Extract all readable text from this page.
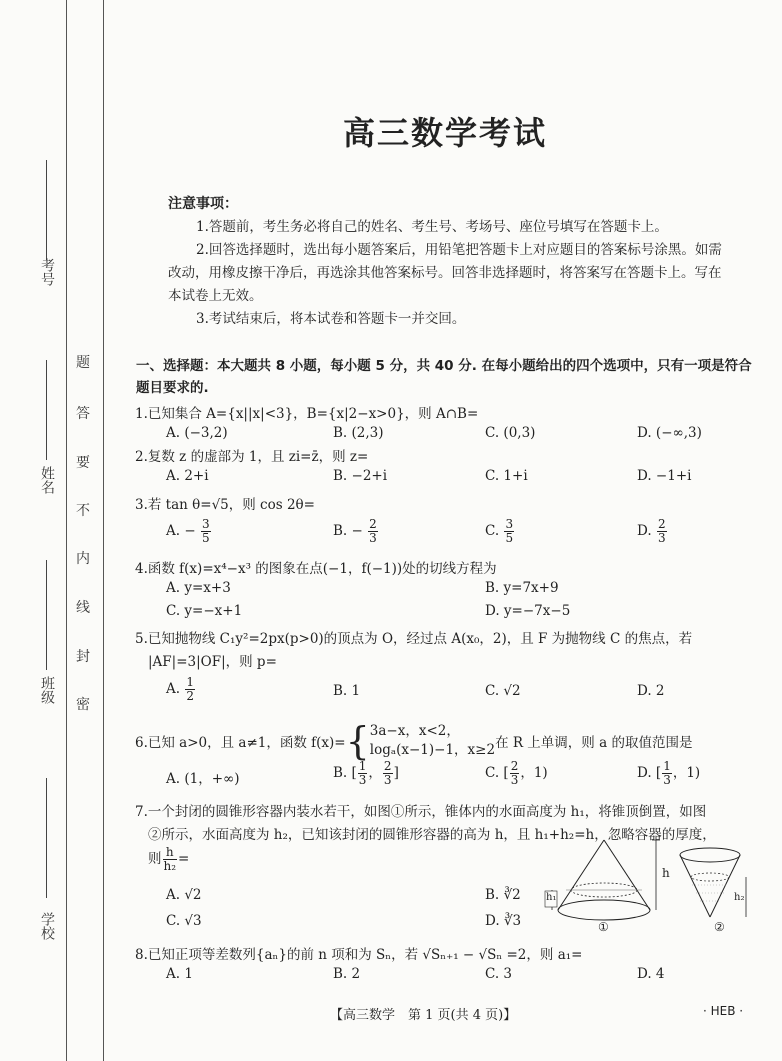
考号
姓名
班级
学校
题
答
要
不
内
线
封
密
高三数学考试
注意事项：
1.答题前，考生务必将自己的姓名、考生号、考场号、座位号填写在答题卡上。
2.回答选择题时，选出每小题答案后，用铅笔把答题卡上对应题目的答案标号涂黑。如需改动，用橡皮擦干净后，再选涂其他答案标号。回答非选择题时，将答案写在答题卡上。写在本试卷上无效。
3.考试结束后，将本试卷和答题卡一并交回。
一、选择题：本大题共 8 小题，每小题 5 分，共 40 分. 在每小题给出的四个选项中，只有一项是符合题目要求的.
1.已知集合 A={x||x|<3}，B={x|2−x>0}，则 A∩B=
A. (−3,2)	B. (2,3)	C. (0,3)	D. (−∞,3)
2.复数 z 的虚部为 1，且 zi=z̄，则 z=
A. 2+i	B. −2+i	C. 1+i	D. −1+i
3.若 tan θ=√5，则 cos 2θ=
A. − $\frac{3}{5}$	B. − $\frac{2}{3}$	C. $\frac{3}{5}$	D. $\frac{2}{3}$
4.函数 f(x)=x⁴−x³ 的图象在点(−1，f(−1))处的切线方程为
A. y=x+3	B. y=7x+9
C. y=−x+1	D. y=−7x−5
5.已知抛物线 C₁y²=2px(p>0)的顶点为 O，经过点 A(x₀，2)，且 F 为抛物线 C 的焦点，若
|AF|=3|OF|，则 p=
A. $\frac{1}{2}$	B. 1	C. √2	D. 2
6.已知 a>0，且 a≠1，函数 f(x)={ 3a−x，x<2，
logₐ(x−1)−1，x≥2 在 R 上单调，则 a 的取值范围是
A. (1，+∞)	B. [ $\frac{1}{3}$ ， $\frac{2}{3}$ ]	C. [ $\frac{2}{3}$ ，1)	D. [ $\frac{1}{3}$ ，1)
7.一个封闭的圆锥形容器内装水若干，如图①所示，锥体内的水面高度为 h₁，将锥顶倒置，如图
②所示，水面高度为 h₂，已知该封闭的圆锥形容器的高为 h，且 h₁+h₂=h，忽略容器的厚度，
则 $\frac{h}{\text{h₂}}$ =
A. √2	B. ∛2
C. √3	D. ∛3
h
h₁
①
h₂
②
8.已知正项等差数列{aₙ}的前 n 项和为 Sₙ，若 √Sₙ₊₁ − √Sₙ =2，则 a₁=
A. 1	B. 2	C. 3	D. 4
【高三数学　第 1 页(共 4 页)】	· HEB ·
